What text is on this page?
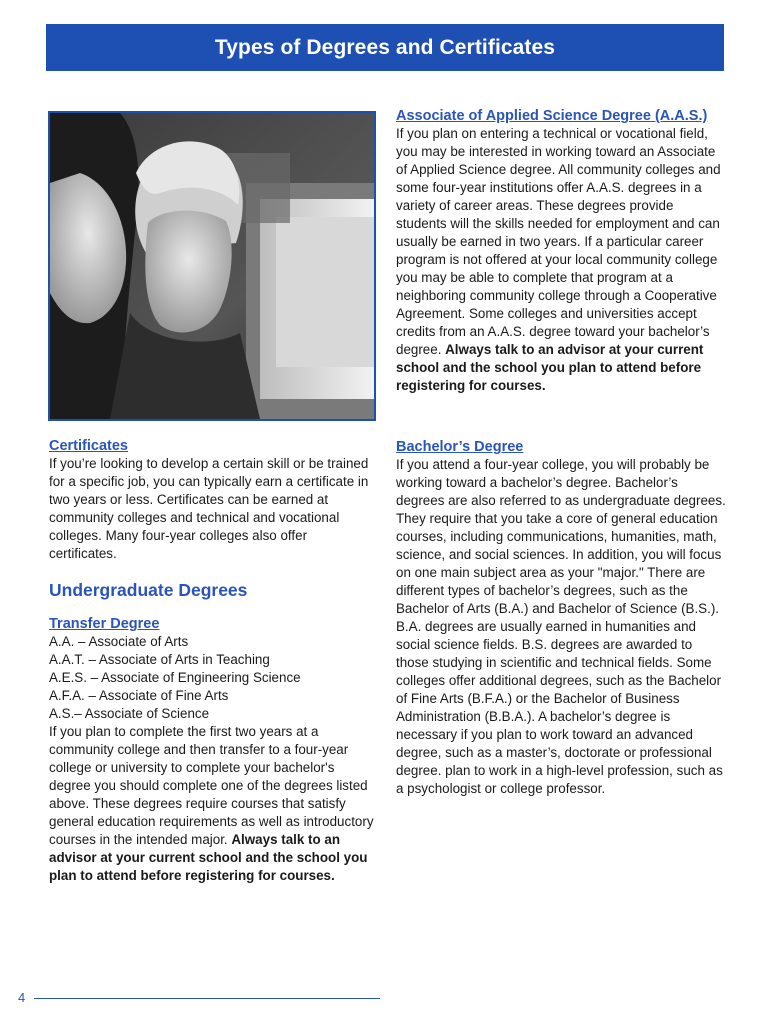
Types of Degrees and Certificates
Certificates

If you’re looking to develop a certain skill or be trained for a specific job, you can typically earn a certificate in two years or less. Certificates can be earned at community colleges and technical and vocational colleges. Many four-year colleges also offer certificates.

Undergraduate Degrees
Transfer Degree
A.A. – Associate of Arts
A.A.T. – Associate of Arts in Teaching
A.E.S. – Associate of Engineering Science
A.F.A. – Associate of Fine Arts
A.S.– Associate of Science

If you plan to complete the first two years at a community college and then transfer to a four-year college or university to complete your bachelor's degree you should complete one of the degrees listed above. These degrees require courses that satisfy general education requirements as well as introductory courses in the intended major. Always talk to an advisor at your current school and the school you plan to attend before registering for courses.

Associate of Applied Science Degree (A.A.S.)

If you plan on entering a technical or vocational field, you may be interested in working toward an Associate of Applied Science degree. All community colleges and some four-year institutions offer A.A.S. degrees in a variety of career areas. These degrees provide students will the skills needed for employment and can usually be earned in two years. If a particular career program is not offered at your local community college you may be able to complete that program at a neighboring community college through a Cooperative Agreement. Some colleges and universities accept credits from an A.A.S. degree toward your bachelor’s degree. Always talk to an advisor at your current school and the school you plan to attend before registering for courses.

Bachelor’s Degree

If you attend a four-year college, you will probably be working toward a bachelor’s degree. Bachelor’s degrees are also referred to as undergraduate degrees. They require that you take a core of general education courses, including communications, humanities, math, science, and social sciences. In addition, you will focus on one main subject area as your "major." There are different types of bachelor’s degrees, such as the Bachelor of Arts (B.A.) and Bachelor of Science (B.S.). B.A. degrees are usually earned in humanities and social science fields. B.S. degrees are awarded to those studying in scientific and technical fields. Some colleges offer additional degrees, such as the Bachelor of Fine Arts (B.F.A.) or the Bachelor of Business Administration (B.B.A.). A bachelor’s degree is necessary if you plan to work toward an advanced degree, such as a master’s, doctorate or professional degree. plan to work in a high-level profession, such as a psychologist or college professor.

4
